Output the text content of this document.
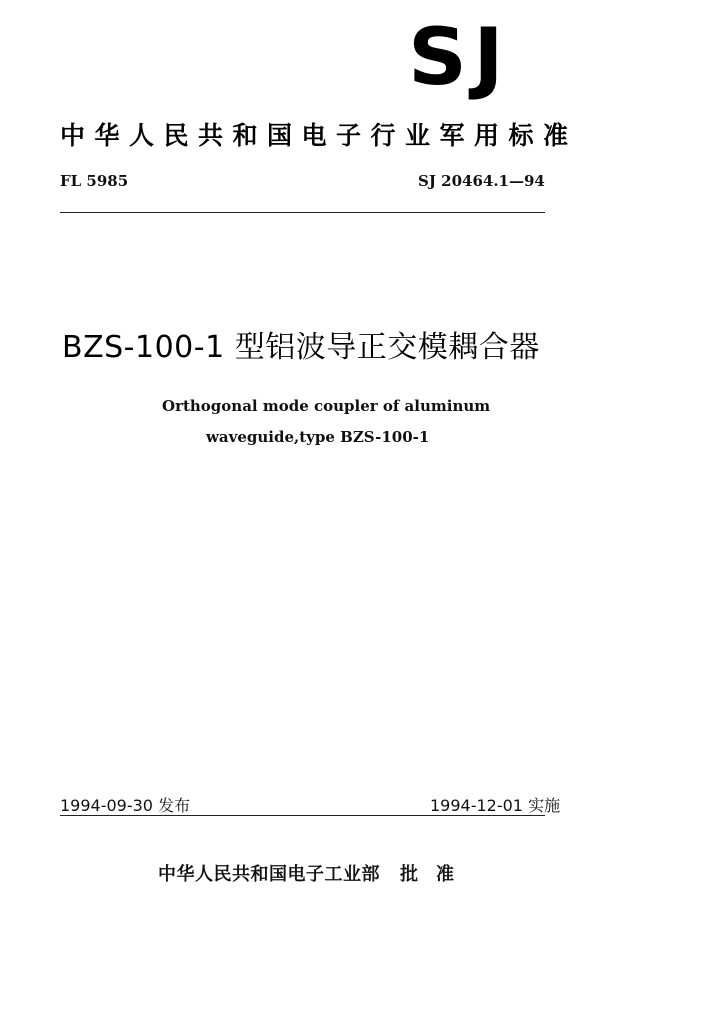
SJ
中华人民共和国电子行业军用标准
FL 5985	SJ 20464.1—94
BZS-100-1 型铝波导正交模耦合器
Orthogonal mode coupler of aluminum
waveguide,type BZS-100-1
1994-09-30 发布	1994-12-01 实施
中华人民共和国电子工业部 批准
